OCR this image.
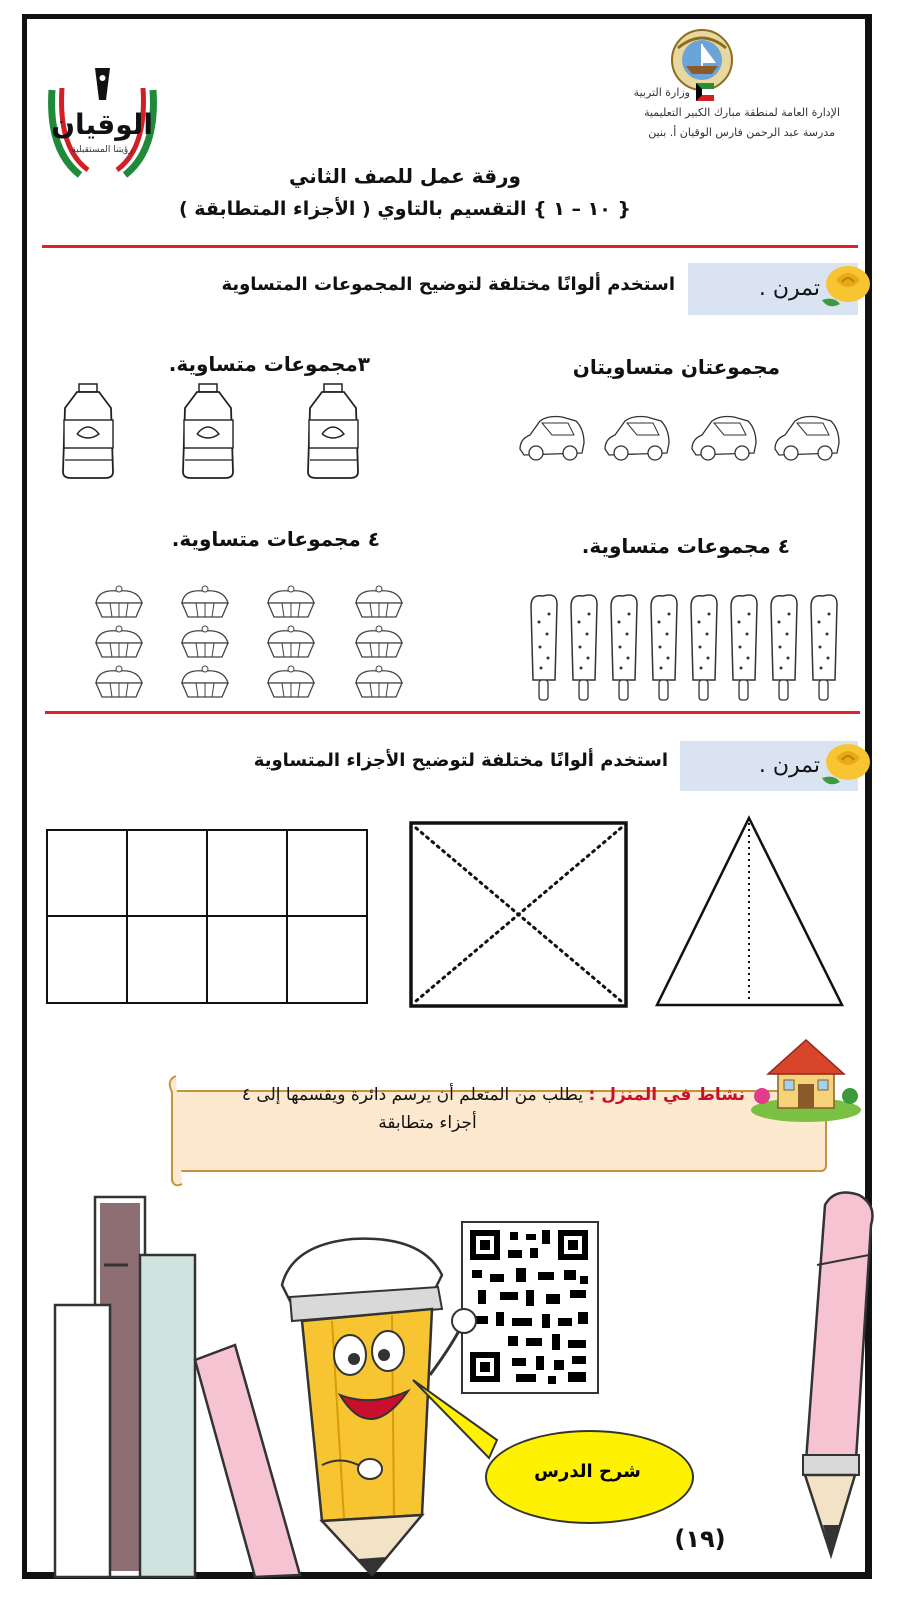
وزارة التربية
الإدارة العامة لمنطقة مبارك الكبير التعليمية
مدرسة عبد الرحمن فارس الوقيان أ. بنين
الوقيان
رؤيتنا المستقبلية
ورقة عمل للصف الثاني
{ ١٠ – ١ } التقسيم بالتاوي ( الأجزاء المتطابقة )
تمرن .
استخدم ألوانًا مختلفة لتوضيح المجموعات المتساوية
مجموعتان متساويتان
٣مجموعات متساوية.
٤ مجموعات متساوية.
٤ مجموعات متساوية.
تمرن .
استخدم ألوانًا مختلفة لتوضيح الأجزاء المتساوية
نشاط في المنزل : يطلب من المتعلم أن يرسم دائرة ويقسمها إلى ٤
أجزاء متطابقة
شرح الدرس
(١٩)
